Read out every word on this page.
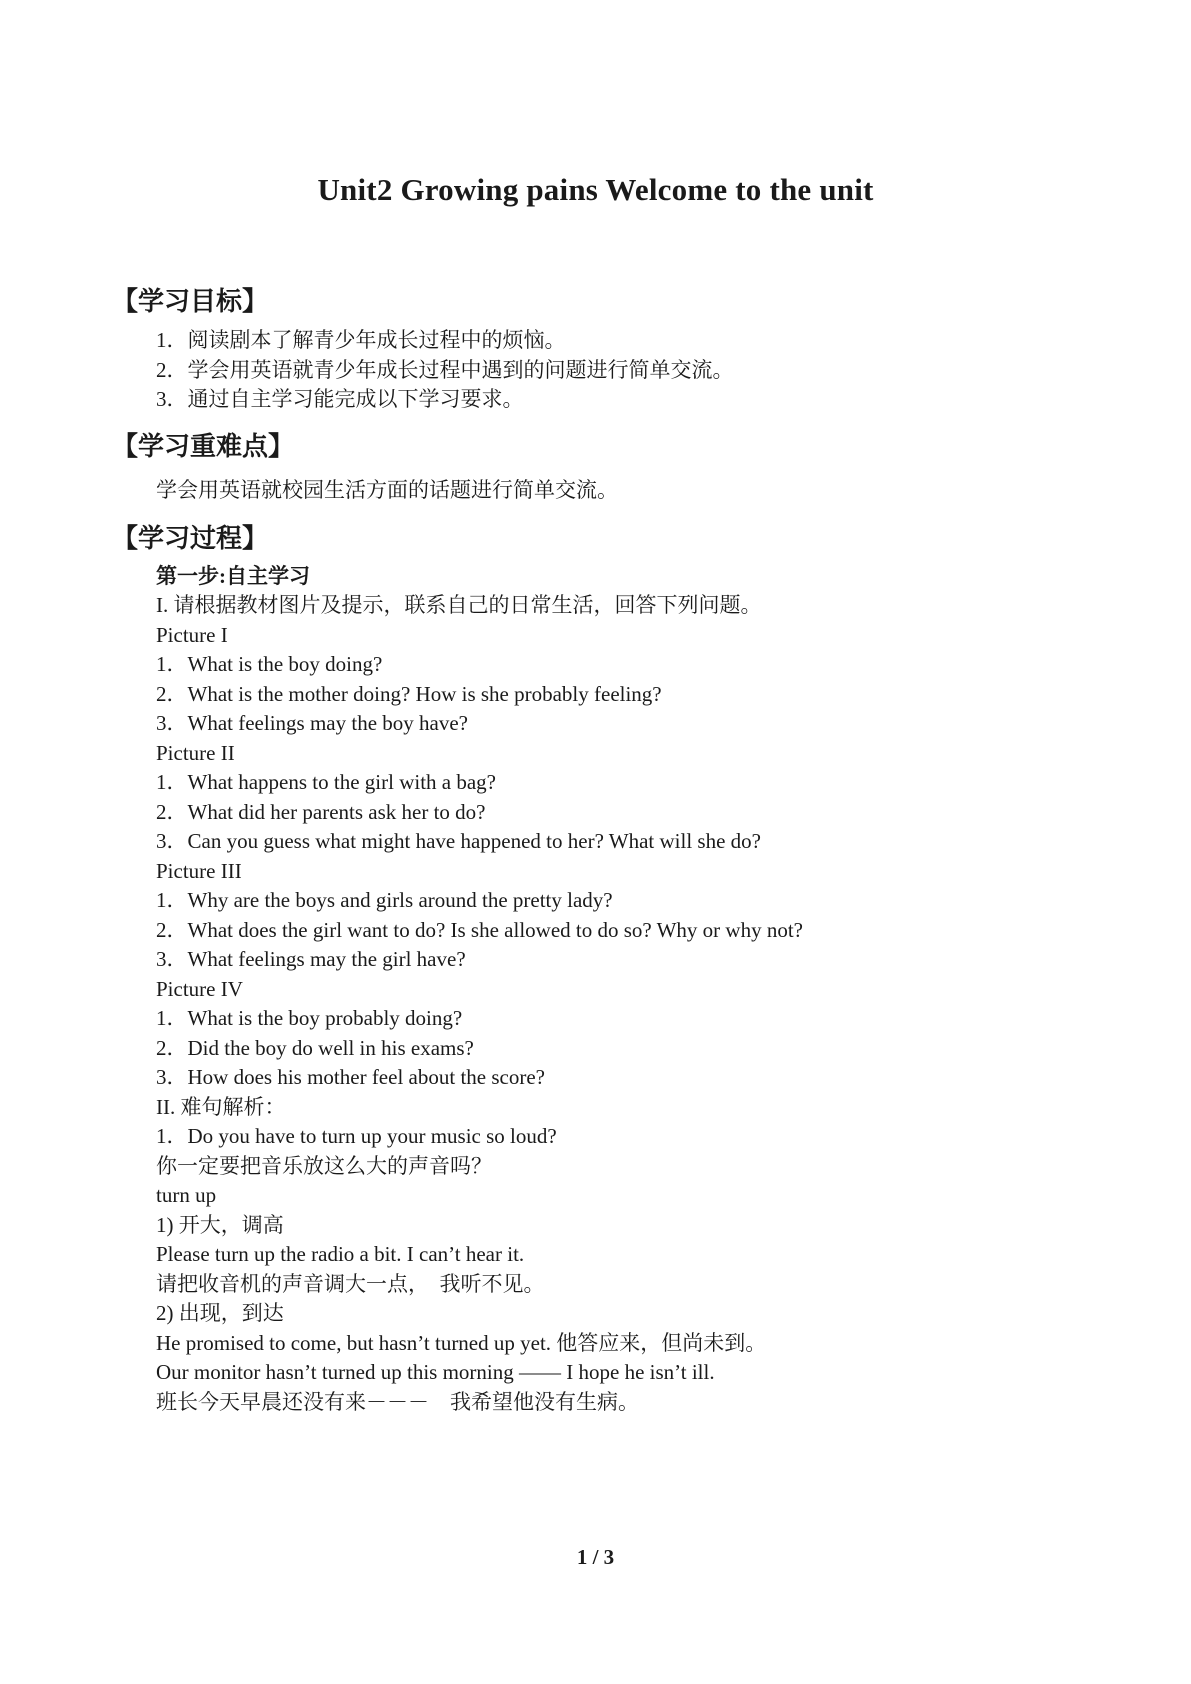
Unit2 Growing pains Welcome to the unit
【学习目标】
1．阅读剧本了解青少年成长过程中的烦恼。
2．学会用英语就青少年成长过程中遇到的问题进行简单交流。
3．通过自主学习能完成以下学习要求。
【学习重难点】
学会用英语就校园生活方面的话题进行简单交流。
【学习过程】
第一步:自主学习
I. 请根据教材图片及提示，联系自己的日常生活，回答下列问题。
Picture I
1．What is the boy doing?
2．What is the mother doing? How is she probably feeling?
3．What feelings may the boy have?
Picture II
1．What happens to the girl with a bag?
2．What did her parents ask her to do?
3．Can you guess what might have happened to her? What will she do?
Picture III
1．Why are the boys and girls around the pretty lady?
2．What does the girl want to do? Is she allowed to do so? Why or why not?
3．What feelings may the girl have?
Picture IV
1．What is the boy probably doing?
2．Did the boy do well in his exams?
3．How does his mother feel about the score?
II. 难句解析：
1．Do you have to turn up your music so loud?
你一定要把音乐放这么大的声音吗？
turn up
1) 开大，调高
Please turn up the radio a bit. I can’t hear it.
请把收音机的声音调大一点，　我听不见。
2) 出现，到达
He promised to come, but hasn’t turned up yet. 他答应来，但尚未到。
Our monitor hasn’t turned up this morning —— I hope he isn’t ill.
班长今天早晨还没有来－－－　我希望他没有生病。
1 / 3
